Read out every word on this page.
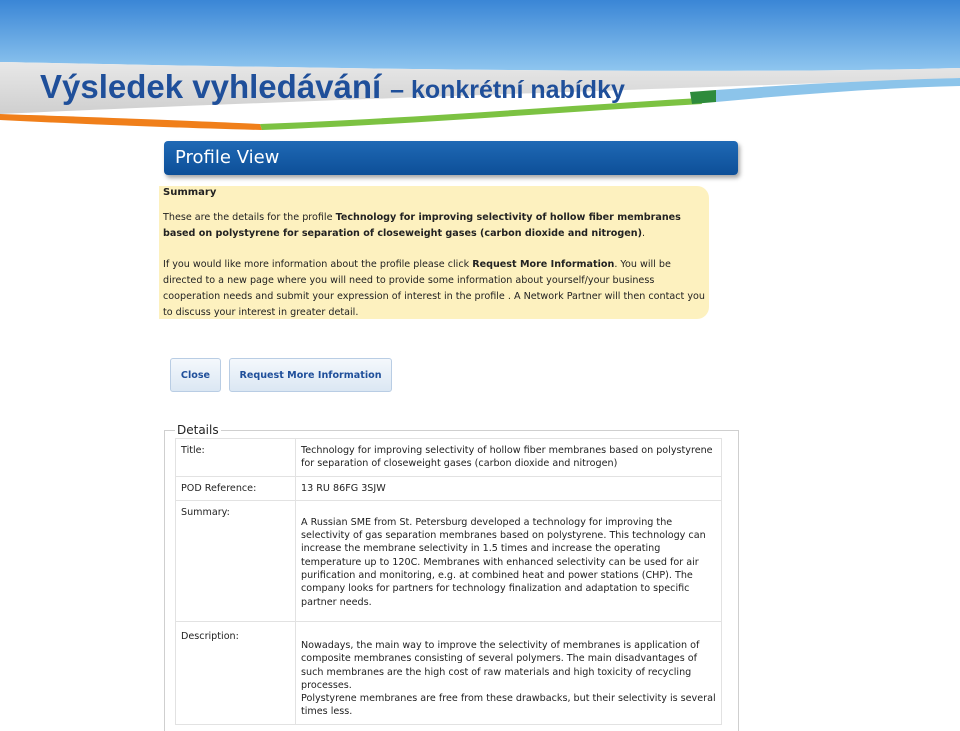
Výsledek vyhledávání – konkrétní nabídky
Profile View
Summary

These are the details for the profile Technology for improving selectivity of hollow fiber membranes based on polystyrene for separation of closeweight gases (carbon dioxide and nitrogen).

If you would like more information about the profile please click Request More Information. You will be directed to a new page where you will need to provide some information about yourself/your business cooperation needs and submit your expression of interest in the profile . A Network Partner will then contact you to discuss your interest in greater detail.

Close	Request More Information
Details
Title:	Technology for improving selectivity of hollow fiber membranes based on polystyrene for separation of closeweight gases (carbon dioxide and nitrogen)
POD Reference:	13 RU 86FG 3SJW
Summary:	A Russian SME from St. Petersburg developed a technology for improving the selectivity of gas separation membranes based on polystyrene. This technology can increase the membrane selectivity in 1.5 times and increase the operating temperature up to 120C. Membranes with enhanced selectivity can be used for air purification and monitoring, e.g. at combined heat and power stations (CHP). The company looks for partners for technology finalization and adaptation to specific partner needs.
Description:	Nowadays, the main way to improve the selectivity of membranes is application of composite membranes consisting of several polymers. The main disadvantages of such membranes are the high cost of raw materials and high toxicity of recycling processes.
Polystyrene membranes are free from these drawbacks, but their selectivity is several times less.
